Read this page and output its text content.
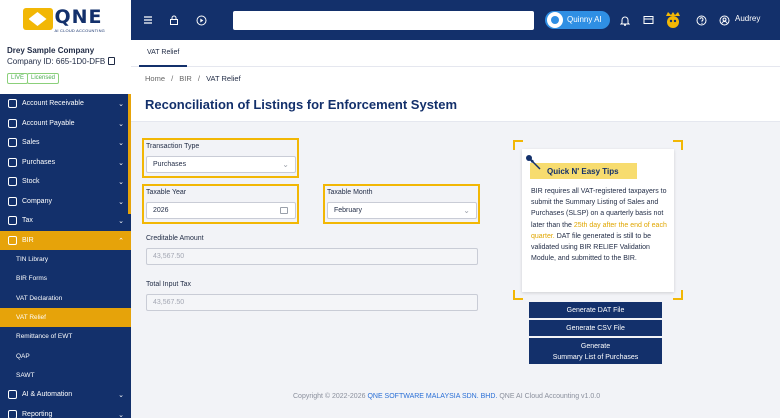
QNE
AI CLOUD ACCOUNTING
Quinny AI	Audrey
Drey Sample Company
Company ID: 665-1D0-DFB
LIVE	Licensed
Account Receivable	⌄
Account Payable	⌄
Sales	⌄
Purchases	⌄
Stock	⌄
Company	⌄
Tax	⌄
BIR	⌃
TIN Library
BIR Forms
VAT Declaration
VAT Relief
Remittance of EWT
QAP
SAWT
AI & Automation	⌄
Reporting	⌄
VAT Relief
Home / BIR / VAT Relief
Reconciliation of Listings for Enforcement System
Transaction Type
Purchases	⌄
Taxable Year
2026
Taxable Month
February	⌄
Creditable Amount
43,567.50
Total Input Tax
43,567.50
Quick N' Easy Tips
BIR requires all VAT-registered taxpayers to submit the Summary Listing of Sales and Purchases (SLSP) on a quarterly basis not later than the 25th day after the end of each quarter. DAT file generated is still to be validated using BIR RELIEF Validation Module, and submitted to the BIR.
Generate DAT File
Generate CSV File
Generate
Summary List of Purchases
Copyright © 2022-2026 QNE SOFTWARE MALAYSIA SDN. BHD. QNE AI Cloud Accounting v1.0.0
